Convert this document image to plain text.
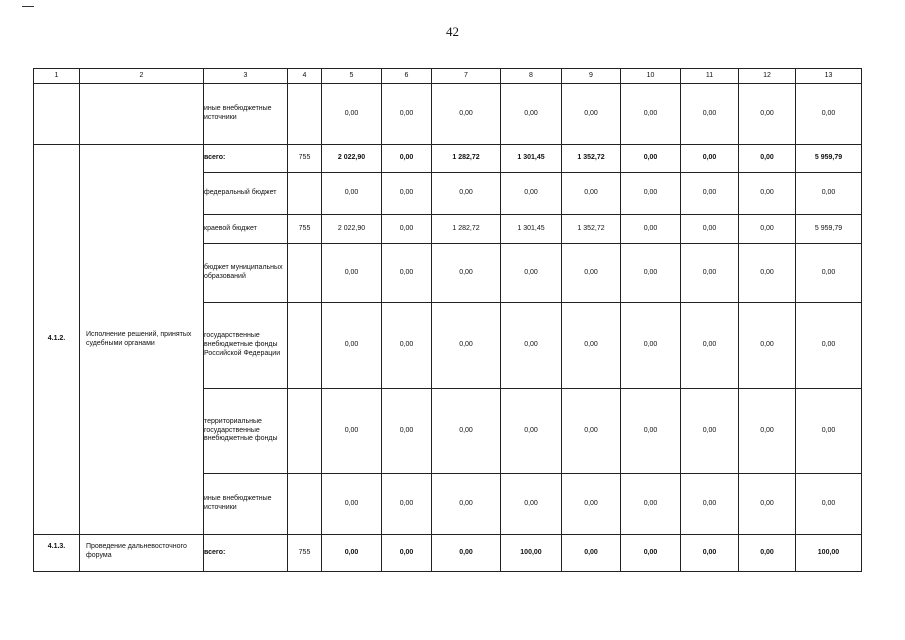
42
1	2	3	4	5	6	7	8	9	10	11	12	13
		иные внебюджетные источники		0,00	0,00	0,00	0,00	0,00	0,00	0,00	0,00	0,00
4.1.2.	Исполнение решений, принятых судебными органами	всего:	755	2 022,90	0,00	1 282,72	1 301,45	1 352,72	0,00	0,00	0,00	5 959,79
		федеральный бюджет		0,00	0,00	0,00	0,00	0,00	0,00	0,00	0,00	0,00
		краевой бюджет	755	2 022,90	0,00	1 282,72	1 301,45	1 352,72	0,00	0,00	0,00	5 959,79
		бюджет муниципальных образований		0,00	0,00	0,00	0,00	0,00	0,00	0,00	0,00	0,00
		государственные внебюджетные фонды Российской Федерации		0,00	0,00	0,00	0,00	0,00	0,00	0,00	0,00	0,00
		территориальные государственные внебюджетные фонды		0,00	0,00	0,00	0,00	0,00	0,00	0,00	0,00	0,00
		иные внебюджетные источники		0,00	0,00	0,00	0,00	0,00	0,00	0,00	0,00	0,00
4.1.3.	Проведение дальневосточного форума	всего:	755	0,00	0,00	0,00	100,00	0,00	0,00	0,00	0,00	100,00
